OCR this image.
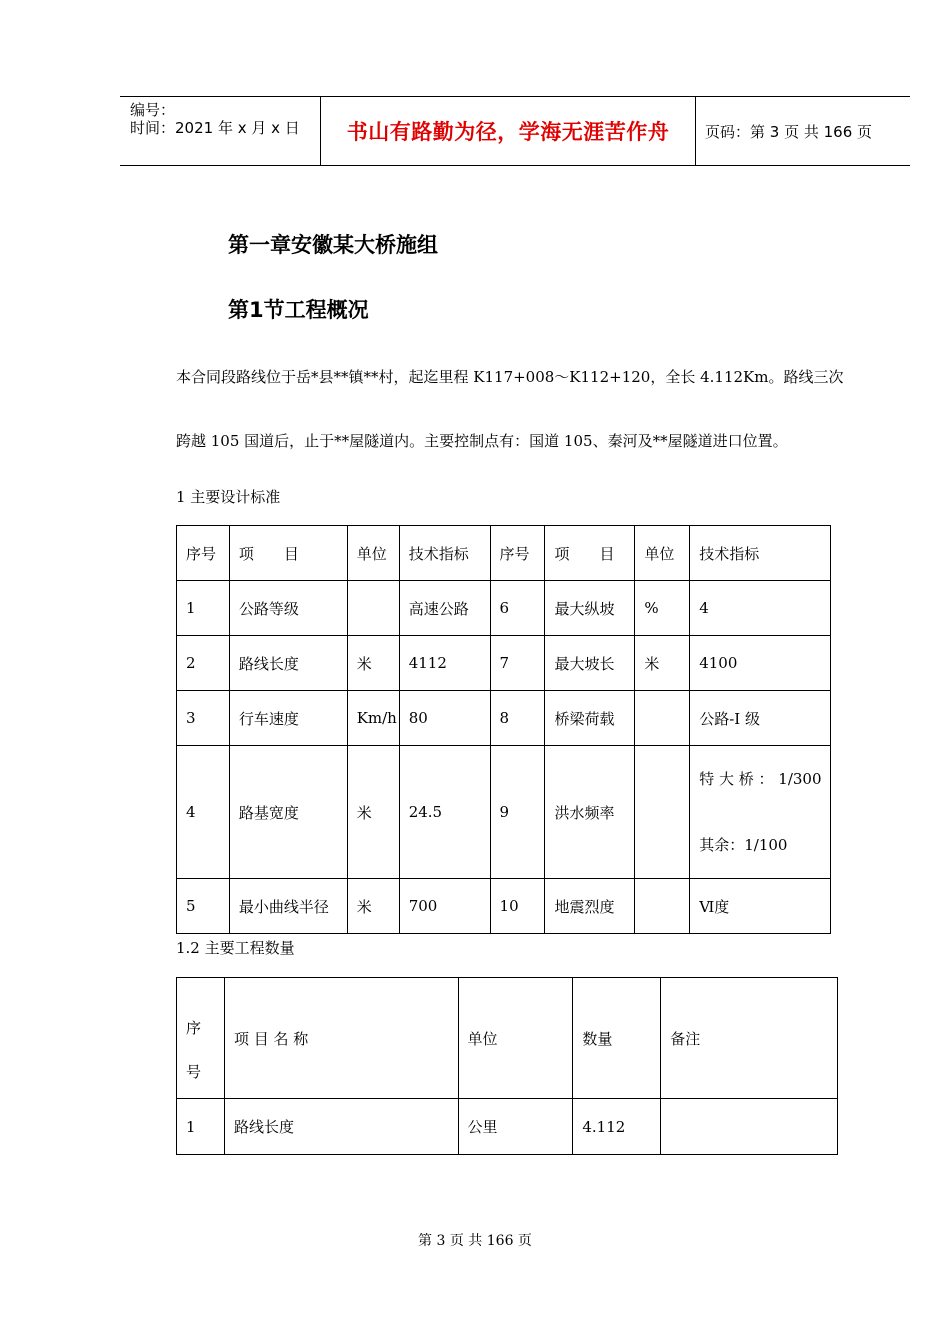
编号：
时间：2021 年 x 月 x 日	书山有路勤为径，学海无涯苦作舟	页码：第 3 页 共 166 页
第一章安徽某大桥施组
第1节工程概况
本合同段路线位于岳*县**镇**村，起迄里程 K117+008～K112+120，全长 4.112Km。路线三次
跨越 105 国道后，止于**屋隧道内。主要控制点有：国道 105、秦河及**屋隧道进口位置。
1 主要设计标准
序号	项　　目	单位	技术指标	序号	项　　目	单位	技术指标
1	公路等级		高速公路	6	最大纵坡	%	4
2	路线长度	米	4112	7	最大坡长	米	4100
3	行车速度	Km/h	80	8	桥梁荷载		公路-I 级
4	路基宽度	米	24.5	9	洪水频率		特 大 桥 ： 1/300
其余：1/100

5	最小曲线半径	米	700	10	地震烈度		Ⅵ度
1.2 主要工程数量
序
号	项 目 名 称	单位	数量	备注
1	路线长度	公里	4.112	
第 3 页 共 166 页
